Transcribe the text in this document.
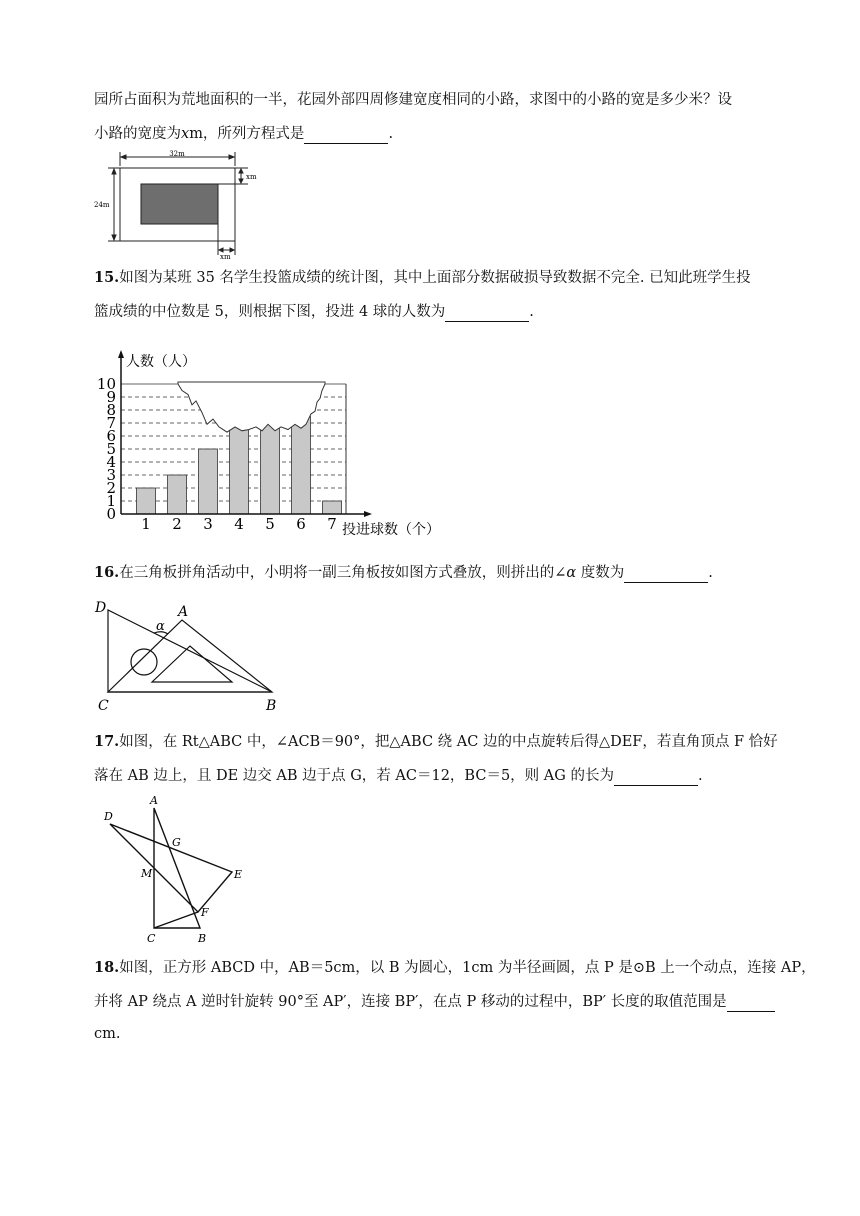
园所占面积为荒地面积的一半，花园外部四周修建宽度相同的小路，求图中的小路的宽是多少米？设
小路的宽度为xm，所列方程式是	.
32m
24m
xm
xm
15.如图为某班 35 名学生投篮成绩的统计图，其中上面部分数据破损导致数据不完全. 已知此班学生投
篮成绩的中位数是 5，则根据下图，投进 4 球的人数为	.
0
1
2
3
4
5
6
7
8
9
10
1 2 3 4 5 6 7
人数（人）
投进球数（个）
16.在三角板拼角活动中，小明将一副三角板按如图方式叠放，则拼出的∠α 度数为	.
D	A
α
C	B
17.如图，在 Rt△ABC 中，∠ACB＝90°，把△ABC 绕 AC 边的中点旋转后得△DEF，若直角顶点 F 恰好
落在 AB 边上，且 DE 边交 AB 边于点 G，若 AC＝12，BC＝5，则 AG 的长为	.
A
D
G
M	E
F
C	B
18.如图，正方形 ABCD 中，AB＝5cm，以 B 为圆心，1cm 为半径画圆，点 P 是⊙B 上一个动点，连接 AP，
并将 AP 绕点 A 逆时针旋转 90°至 AP′，连接 BP′，在点 P 移动的过程中，BP′ 长度的取值范围是
cm.
